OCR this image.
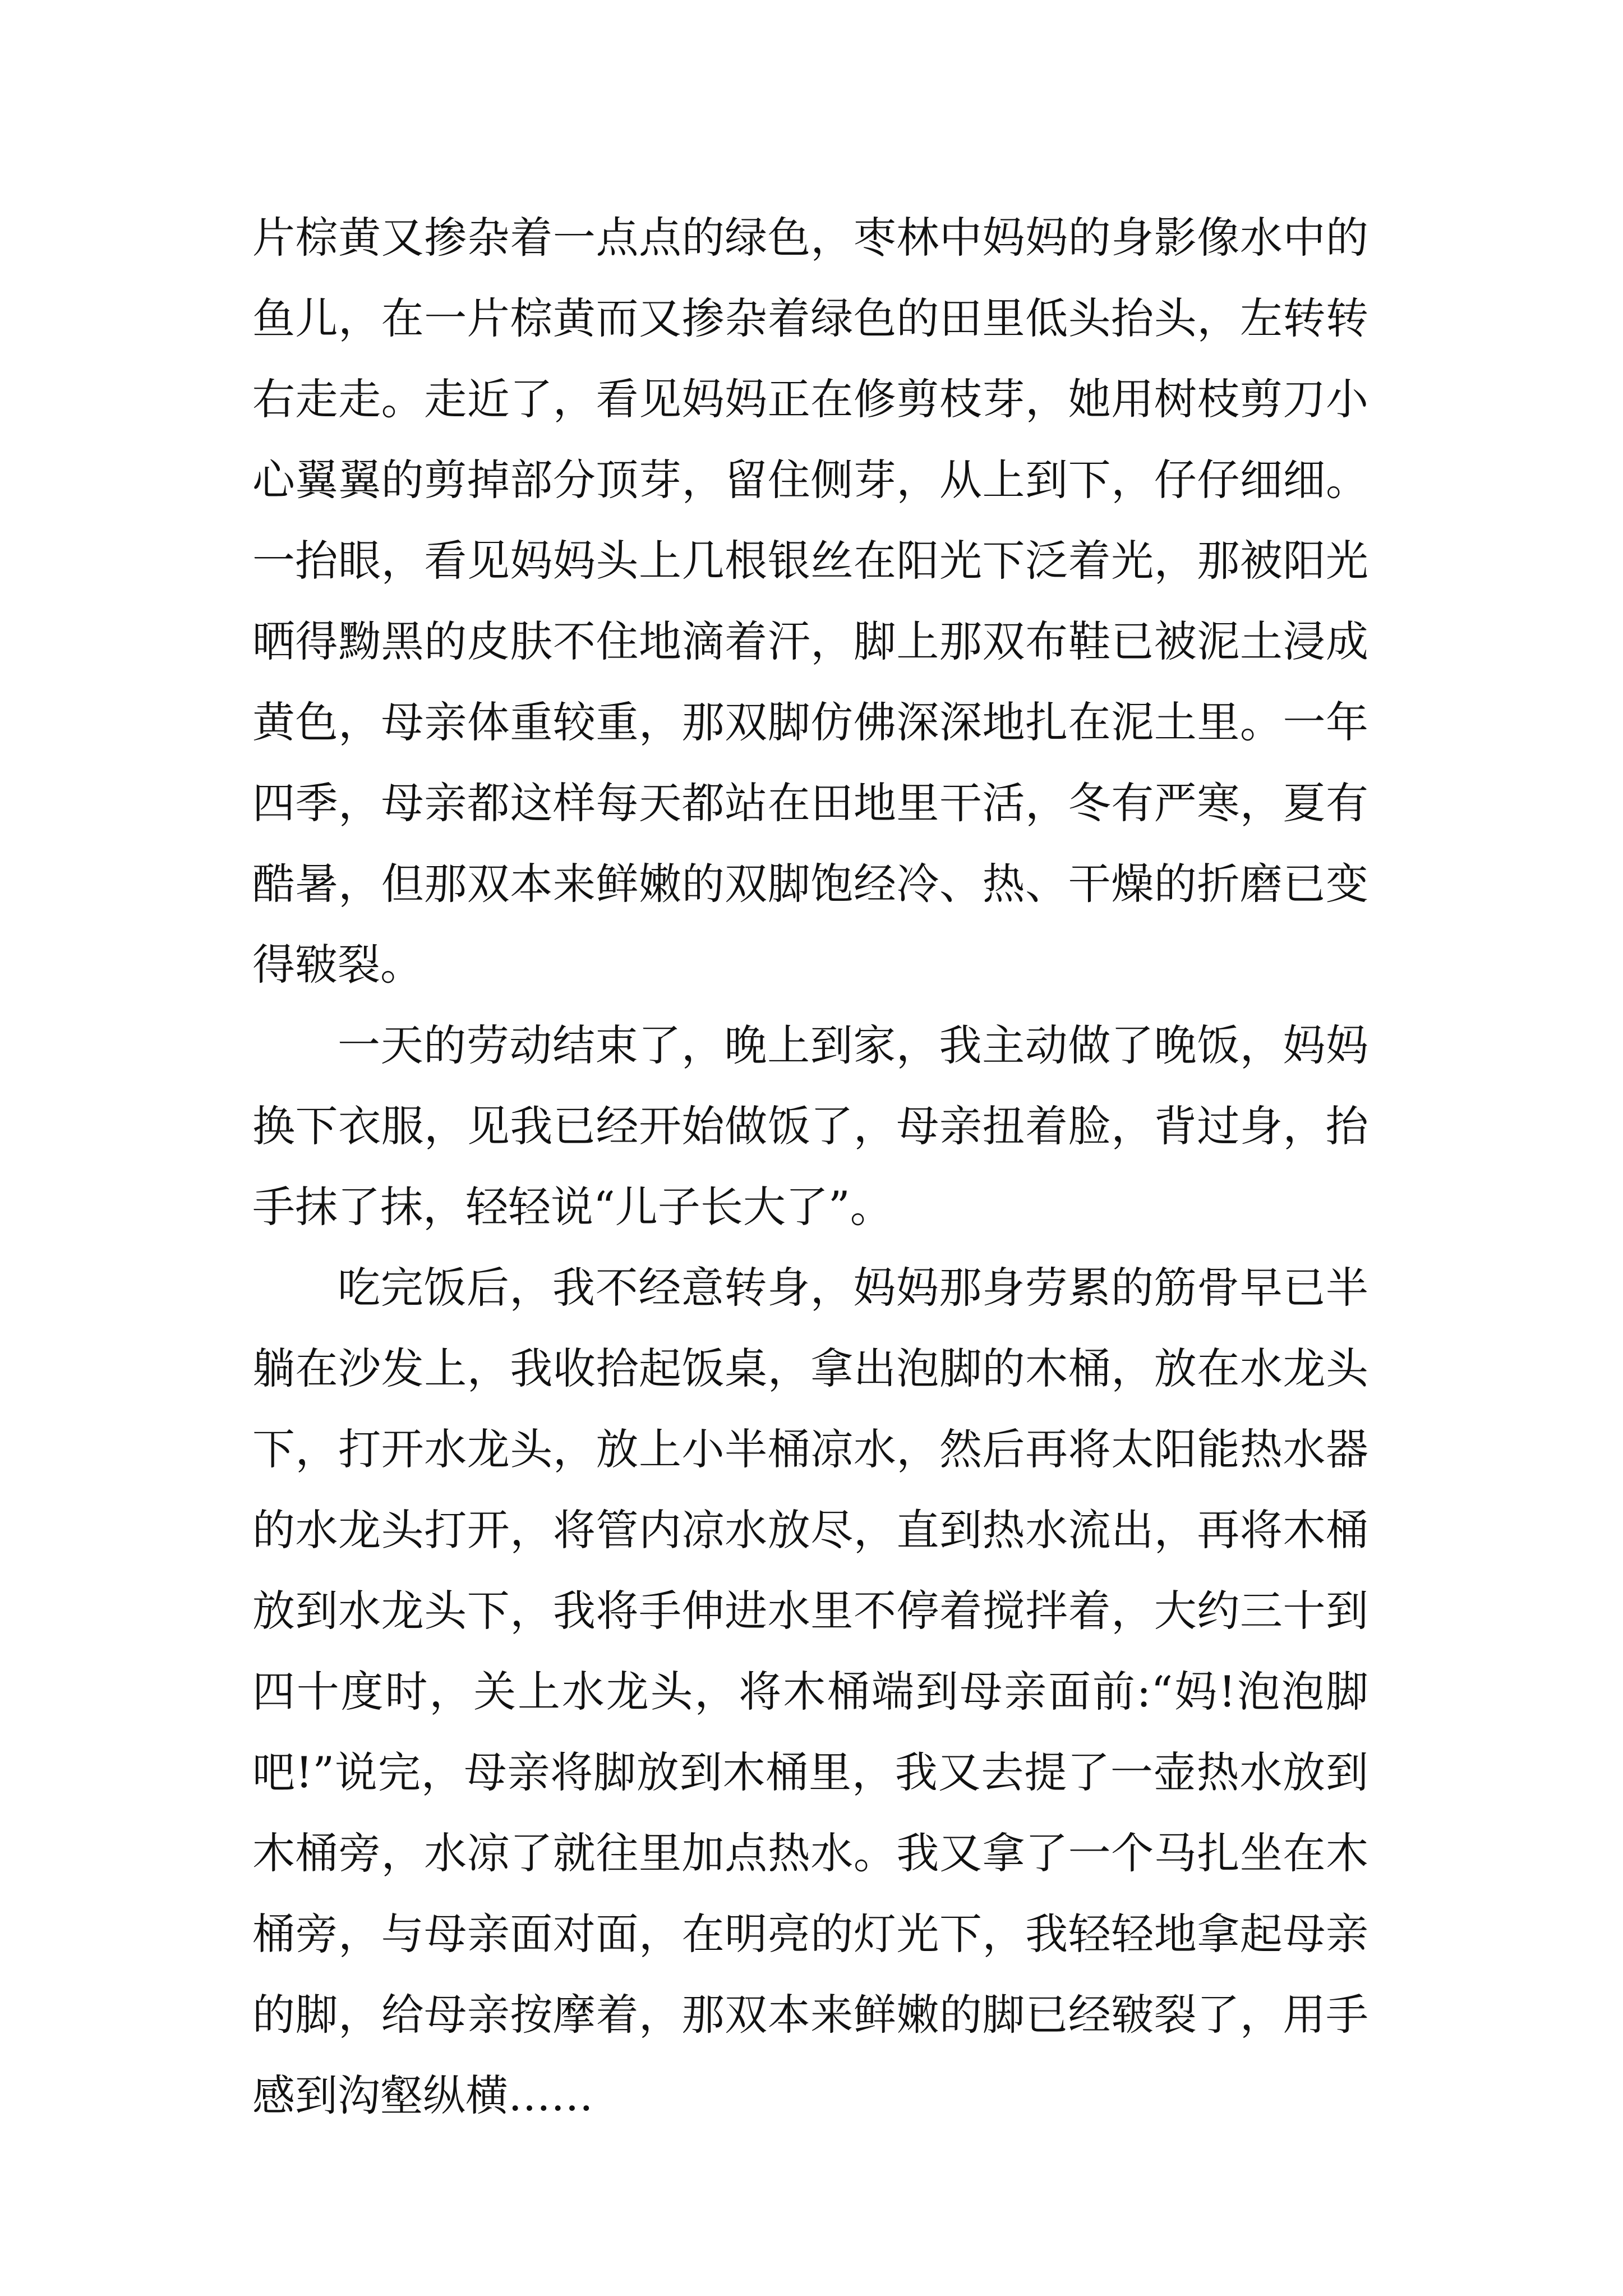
片棕黄又掺杂着一点点的绿色，枣林中妈妈的身影像水中的鱼儿，在一片棕黄而又掺杂着绿色的田里低头抬头，左转转右走走。走近了，看见妈妈正在修剪枝芽，她用树枝剪刀小心翼翼的剪掉部分顶芽，留住侧芽，从上到下，仔仔细细。一抬眼，看见妈妈头上几根银丝在阳光下泛着光，那被阳光晒得黝黑的皮肤不住地滴着汗，脚上那双布鞋已被泥土浸成黄色，母亲体重较重，那双脚仿佛深深地扎在泥土里。一年四季，母亲都这样每天都站在田地里干活，冬有严寒，夏有酷暑，但那双本来鲜嫩的双脚饱经冷、热、干燥的折磨已变得皲裂。

一天的劳动结束了，晚上到家，我主动做了晚饭，妈妈换下衣服，见我已经开始做饭了，母亲扭着脸，背过身，抬手抹了抹，轻轻说“儿子长大了”。

吃完饭后，我不经意转身，妈妈那身劳累的筋骨早已半躺在沙发上，我收拾起饭桌，拿出泡脚的木桶，放在水龙头下，打开水龙头，放上小半桶凉水，然后再将太阳能热水器的水龙头打开，将管内凉水放尽，直到热水流出，再将木桶放到水龙头下，我将手伸进水里不停着搅拌着，大约三十到四十度时，关上水龙头，将木桶端到母亲面前:“妈!泡泡脚吧!”说完，母亲将脚放到木桶里，我又去提了一壶热水放到木桶旁，水凉了就往里加点热水。我又拿了一个马扎坐在木桶旁，与母亲面对面，在明亮的灯光下，我轻轻地拿起母亲的脚，给母亲按摩着，那双本来鲜嫩的脚已经皲裂了，用手感到沟壑纵横……
